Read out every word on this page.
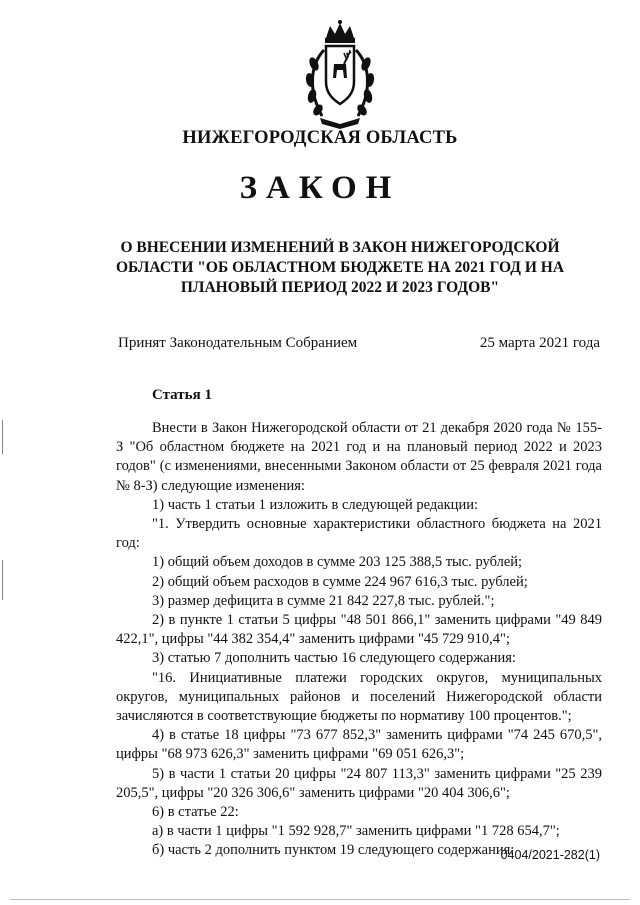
НИЖЕГОРОДСКАЯ ОБЛАСТЬ
ЗАКОН
О ВНЕСЕНИИ ИЗМЕНЕНИЙ В ЗАКОН НИЖЕГОРОДСКОЙ
ОБЛАСТИ "ОБ ОБЛАСТНОМ БЮДЖЕТЕ НА 2021 ГОД И НА
ПЛАНОВЫЙ ПЕРИОД 2022 И 2023 ГОДОВ"
Принят Законодательным Собранием	25 марта 2021 года
Статья 1

Внести в Закон Нижегородской области от 21 декабря 2020 года № 155-З "Об областном бюджете на 2021 год и на плановый период 2022 и 2023 годов" (с изменениями, внесенными Законом области от 25 февраля 2021 года № 8-З) следующие изменения:

1) часть 1 статьи 1 изложить в следующей редакции:

"1. Утвердить основные характеристики областного бюджета на 2021 год:

1) общий объем доходов в сумме 203 125 388,5 тыс. рублей;

2) общий объем расходов в сумме 224 967 616,3 тыс. рублей;

3) размер дефицита в сумме 21 842 227,8 тыс. рублей.";

2) в пункте 1 статьи 5 цифры "48 501 866,1" заменить цифрами "49 849 422,1", цифры "44 382 354,4" заменить цифрами "45 729 910,4";

3) статью 7 дополнить частью 16 следующего содержания:

"16. Инициативные платежи городских округов, муниципальных округов, муниципальных районов и поселений Нижегородской области зачисляются в соответствующие бюджеты по нормативу 100 процентов.";

4) в статье 18 цифры "73 677 852,3" заменить цифрами "74 245 670,5", цифры "68 973 626,3" заменить цифрами "69 051 626,3";

5) в части 1 статьи 20 цифры "24 807 113,3" заменить цифрами "25 239 205,5", цифры "20 326 306,6" заменить цифрами "20 404 306,6";

6) в статье 22:

а) в части 1 цифры "1 592 928,7" заменить цифрами "1 728 654,7";

б) часть 2 дополнить пунктом 19 следующего содержания:

0404/2021-282(1)
